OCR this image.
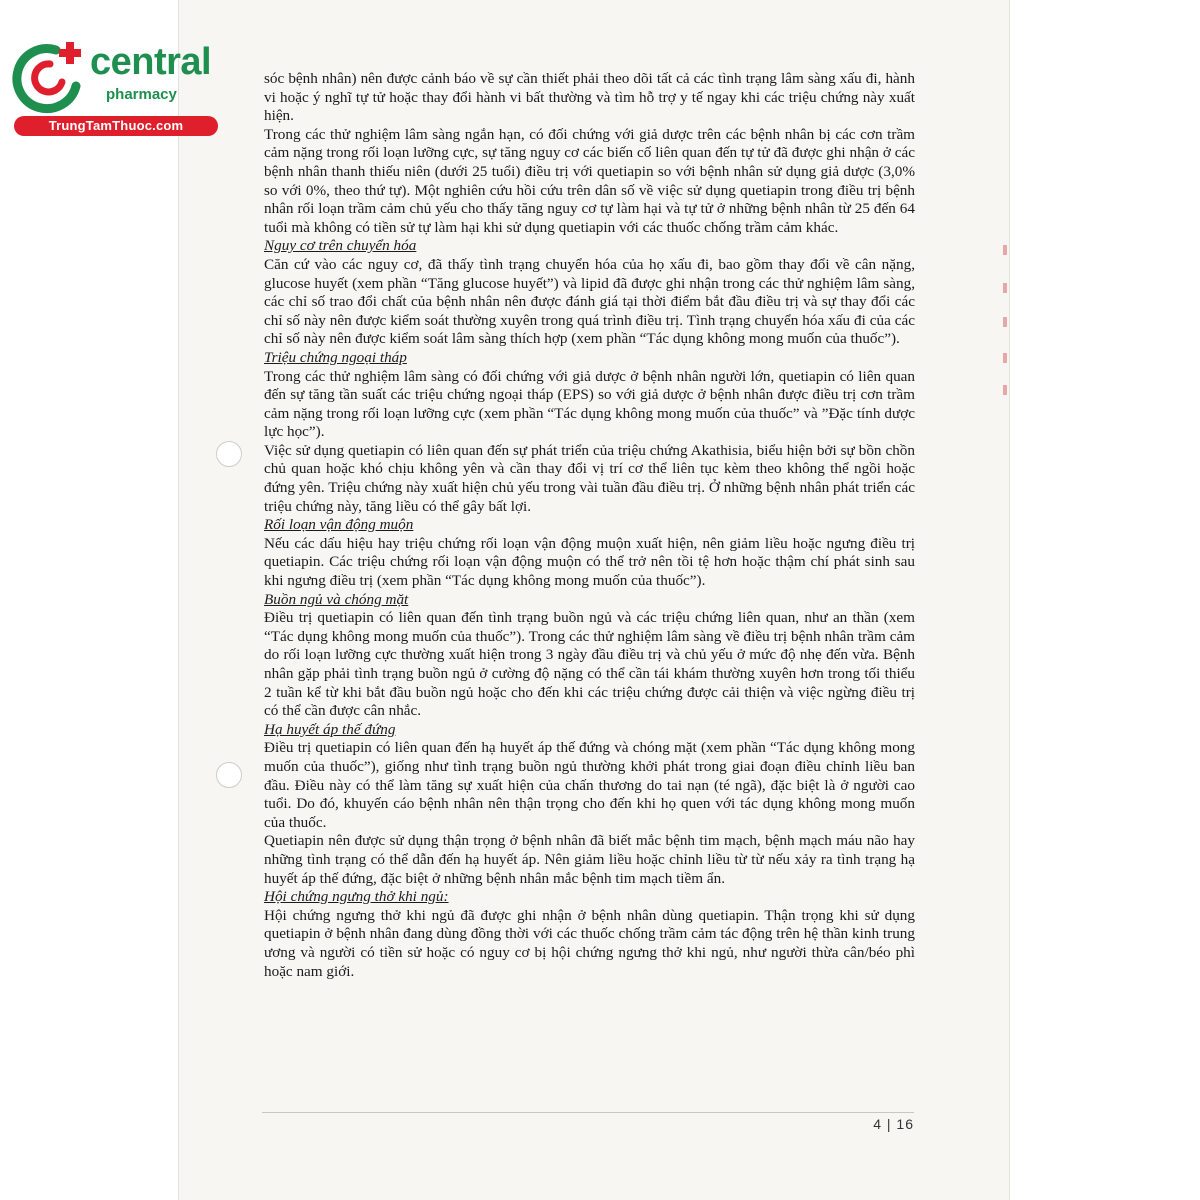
central
pharmacy
TrungTamThuoc.com
sóc bệnh nhân) nên được cảnh báo về sự cần thiết phải theo dõi tất cả các tình trạng lâm sàng xấu đi, hành vi hoặc ý nghĩ tự tử hoặc thay đổi hành vi bất thường và tìm hỗ trợ y tế ngay khi các triệu chứng này xuất hiện.
Trong các thử nghiệm lâm sàng ngắn hạn, có đối chứng với giả dược trên các bệnh nhân bị các cơn trầm cảm nặng trong rối loạn lưỡng cực, sự tăng nguy cơ các biến cố liên quan đến tự tử đã được ghi nhận ở các bệnh nhân thanh thiếu niên (dưới 25 tuổi) điều trị với quetiapin so với bệnh nhân sử dụng giả dược (3,0% so với 0%, theo thứ tự). Một nghiên cứu hồi cứu trên dân số về việc sử dụng quetiapin trong điều trị bệnh nhân rối loạn trầm cảm chủ yếu cho thấy tăng nguy cơ tự làm hại và tự tử ở những bệnh nhân từ 25 đến 64 tuổi mà không có tiền sử tự làm hại khi sử dụng quetiapin với các thuốc chống trầm cảm khác.
Nguy cơ trên chuyển hóa
Căn cứ vào các nguy cơ, đã thấy tình trạng chuyển hóa của họ xấu đi, bao gồm thay đổi về cân nặng, glucose huyết (xem phần “Tăng glucose huyết”) và lipid đã được ghi nhận trong các thử nghiệm lâm sàng, các chỉ số trao đổi chất của bệnh nhân nên được đánh giá tại thời điểm bắt đầu điều trị và sự thay đổi các chỉ số này nên được kiểm soát thường xuyên trong quá trình điều trị. Tình trạng chuyển hóa xấu đi của các chỉ số này nên được kiểm soát lâm sàng thích hợp (xem phần “Tác dụng không mong muốn của thuốc”).
Triệu chứng ngoại tháp
Trong các thử nghiệm lâm sàng có đối chứng với giả dược ở bệnh nhân người lớn, quetiapin có liên quan đến sự tăng tần suất các triệu chứng ngoại tháp (EPS) so với giả dược ở bệnh nhân được điều trị cơn trầm cảm nặng trong rối loạn lưỡng cực (xem phần “Tác dụng không mong muốn của thuốc” và ”Đặc tính dược lực học”).
Việc sử dụng quetiapin có liên quan đến sự phát triển của triệu chứng Akathisia, biểu hiện bởi sự bồn chồn chủ quan hoặc khó chịu không yên và cần thay đổi vị trí cơ thể liên tục kèm theo không thể ngồi hoặc đứng yên. Triệu chứng này xuất hiện chủ yếu trong vài tuần đầu điều trị. Ở những bệnh nhân phát triển các triệu chứng này, tăng liều có thể gây bất lợi.
Rối loạn vận động muộn
Nếu các dấu hiệu hay triệu chứng rối loạn vận động muộn xuất hiện, nên giảm liều hoặc ngưng điều trị quetiapin. Các triệu chứng rối loạn vận động muộn có thể trở nên tồi tệ hơn hoặc thậm chí phát sinh sau khi ngưng điều trị (xem phần “Tác dụng không mong muốn của thuốc”).
Buồn ngủ và chóng mặt
Điều trị quetiapin có liên quan đến tình trạng buồn ngủ và các triệu chứng liên quan, như an thần (xem “Tác dụng không mong muốn của thuốc”). Trong các thử nghiệm lâm sàng về điều trị bệnh nhân trầm cảm do rối loạn lưỡng cực thường xuất hiện trong 3 ngày đầu điều trị và chủ yếu ở mức độ nhẹ đến vừa. Bệnh nhân gặp phải tình trạng buồn ngủ ở cường độ nặng có thể cần tái khám thường xuyên hơn trong tối thiểu 2 tuần kể từ khi bắt đầu buồn ngủ hoặc cho đến khi các triệu chứng được cải thiện và việc ngừng điều trị có thể cần được cân nhắc.
Hạ huyết áp thế đứng
Điều trị quetiapin có liên quan đến hạ huyết áp thế đứng và chóng mặt (xem phần “Tác dụng không mong muốn của thuốc”), giống như tình trạng buồn ngủ thường khởi phát trong giai đoạn điều chỉnh liều ban đầu. Điều này có thể làm tăng sự xuất hiện của chấn thương do tai nạn (té ngã), đặc biệt là ở người cao tuổi. Do đó, khuyến cáo bệnh nhân nên thận trọng cho đến khi họ quen với tác dụng không mong muốn của thuốc.
Quetiapin nên được sử dụng thận trọng ở bệnh nhân đã biết mắc bệnh tim mạch, bệnh mạch máu não hay những tình trạng có thể dẫn đến hạ huyết áp. Nên giảm liều hoặc chỉnh liều từ từ nếu xảy ra tình trạng hạ huyết áp thế đứng, đặc biệt ở những bệnh nhân mắc bệnh tim mạch tiềm ẩn.
Hội chứng ngưng thở khi ngủ:
Hội chứng ngưng thở khi ngủ đã được ghi nhận ở bệnh nhân dùng quetiapin. Thận trọng khi sử dụng quetiapin ở bệnh nhân đang dùng đồng thời với các thuốc chống trầm cảm tác động trên hệ thần kinh trung ương và người có tiền sử hoặc có nguy cơ bị hội chứng ngưng thở khi ngủ, như người thừa cân/béo phì hoặc nam giới.
4 | 16
